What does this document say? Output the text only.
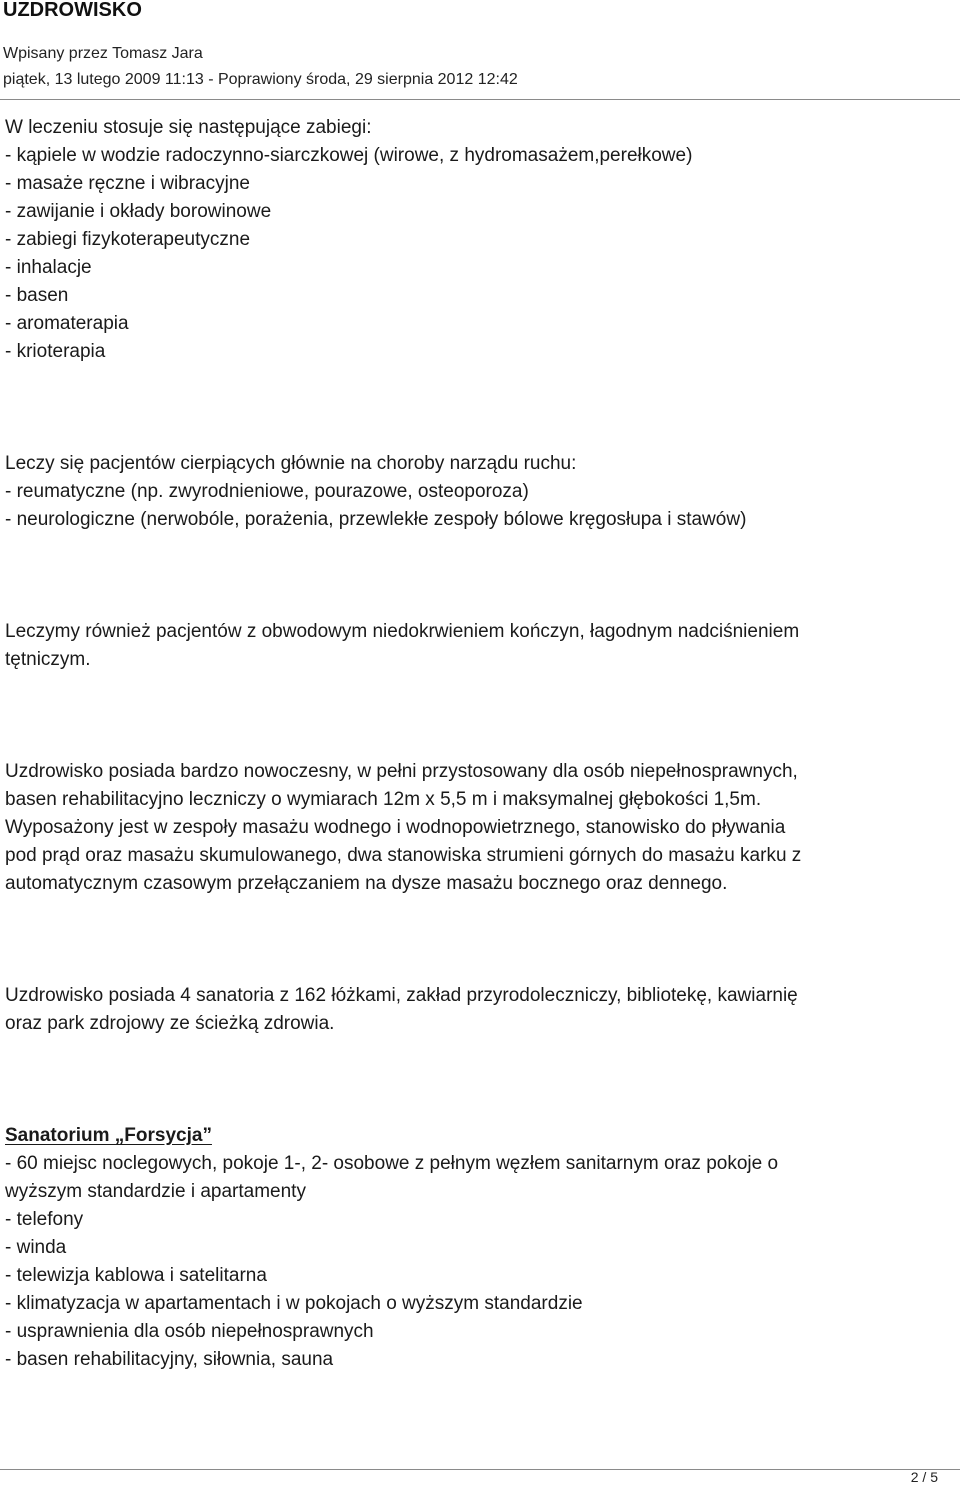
UZDROWISKO
Wpisany przez Tomasz Jara
piątek, 13 lutego 2009 11:13 - Poprawiony środa, 29 sierpnia 2012 12:42
W leczeniu stosuje się następujące zabiegi:
- kąpiele w wodzie radoczynno-siarczkowej (wirowe, z hydromasażem,perełkowe)
- masaże ręczne i wibracyjne
- zawijanie i okłady borowinowe
- zabiegi fizykoterapeutyczne
- inhalacje
- basen
- aromaterapia
- krioterapia
Leczy się pacjentów cierpiących głównie na choroby narządu ruchu:
- reumatyczne (np. zwyrodnieniowe, pourazowe, osteoporoza)
- neurologiczne (nerwobóle, porażenia, przewlekłe zespoły bólowe kręgosłupa i stawów)
Leczymy również pacjentów z obwodowym niedokrwieniem kończyn, łagodnym nadciśnieniem
tętniczym.
Uzdrowisko posiada bardzo nowoczesny, w pełni przystosowany dla osób niepełnosprawnych,
basen rehabilitacyjno leczniczy o wymiarach 12m x 5,5 m i maksymalnej głębokości 1,5m.
Wyposażony jest w zespoły masażu wodnego i wodnopowietrznego, stanowisko do pływania
pod prąd oraz masażu skumulowanego, dwa stanowiska strumieni górnych do masażu karku z
automatycznym czasowym przełączaniem na dysze masażu bocznego oraz dennego.
Uzdrowisko posiada 4 sanatoria z 162 łóżkami, zakład przyrodoleczniczy, bibliotekę, kawiarnię
oraz park zdrojowy ze ścieżką zdrowia.
Sanatorium „Forsycja”
- 60 miejsc noclegowych, pokoje 1-, 2- osobowe z pełnym węzłem sanitarnym oraz pokoje o
wyższym standardzie i apartamenty
- telefony
- winda
- telewizja kablowa i satelitarna
- klimatyzacja w apartamentach i w pokojach o wyższym standardzie
- usprawnienia dla osób niepełnosprawnych
- basen rehabilitacyjny, siłownia, sauna
2 / 5
